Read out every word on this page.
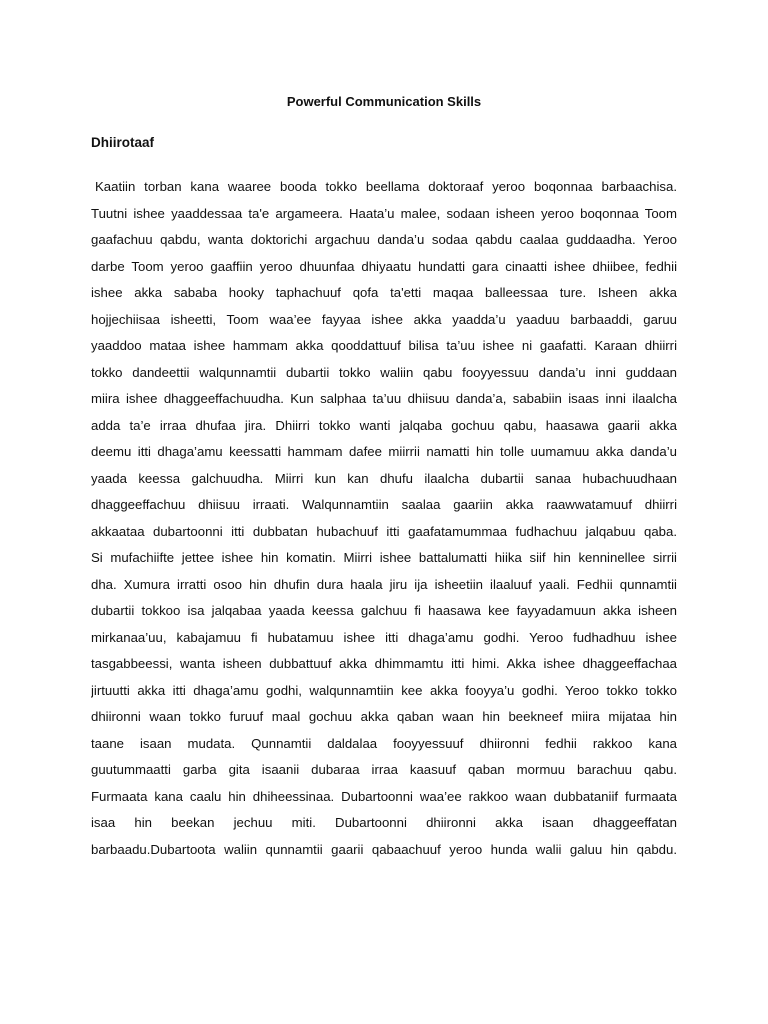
Powerful Communication Skills
Dhiirotaaf
Kaatiin torban kana waaree booda tokko beellama doktoraaf yeroo boqonnaa barbaachisa.
Tuutni ishee yaaddessaa ta'e argameera. Haata’u malee, sodaan isheen yeroo boqonnaa Toom
gaafachuu qabdu, wanta doktorichi argachuu danda’u sodaa qabdu caalaa guddaadha. Yeroo
darbe Toom yeroo gaaffiin yeroo dhuunfaa dhiyaatu hundatti gara cinaatti ishee dhiibee, fedhii
ishee akka sababa hooky taphachuuf qofa ta'etti maqaa balleessaa ture. Isheen akka
hojjechiisaa isheetti, Toom waa’ee fayyaa ishee akka yaadda’u yaaduu barbaaddi, garuu
yaaddoo mataa ishee hammam akka qooddattuuf bilisa ta’uu ishee ni gaafatti. Karaan dhiirri
tokko dandeettii walqunnamtii dubartii tokko waliin qabu fooyyessuu danda’u inni guddaan
miira ishee dhaggeeffachuudha. Kun salphaa ta’uu dhiisuu danda’a, sababiin isaas inni ilaalcha
adda ta’e irraa dhufaa jira. Dhiirri tokko wanti jalqaba gochuu qabu, haasawa gaarii akka
deemu itti dhaga’amu keessatti hammam dafee miirrii namatti hin tolle uumamuu akka danda’u
yaada keessa galchuudha. Miirri kun kan dhufu ilaalcha dubartii sanaa hubachuudhaan
dhaggeeffachuu dhiisuu irraati. Walqunnamtiin saalaa gaariin akka raawwatamuuf dhiirri
akkaataa dubartoonni itti dubbatan hubachuuf itti gaafatamummaa fudhachuu jalqabuu qaba.
Si mufachiifte jettee ishee hin komatin. Miirri ishee battalumatti hiika siif hin kenninellee sirrii
dha. Xumura irratti osoo hin dhufin dura haala jiru ija isheetiin ilaaluuf yaali. Fedhii qunnamtii
dubartii tokkoo isa jalqabaa yaada keessa galchuu fi haasawa kee fayyadamuun akka isheen
mirkanaa’uu, kabajamuu fi hubatamuu ishee itti dhaga’amu godhi. Yeroo fudhadhuu ishee
tasgabbeessi, wanta isheen dubbattuuf akka dhimmamtu itti himi. Akka ishee dhaggeeffachaa
jirtuutti akka itti dhaga’amu godhi, walqunnamtiin kee akka fooyya’u godhi. Yeroo tokko tokko
dhiironni waan tokko furuuf maal gochuu akka qaban waan hin beekneef miira mijataa hin
taane isaan mudata. Qunnamtii daldalaa fooyyessuuf dhiironni fedhii rakkoo kana
guutummaatti garba gita isaanii dubaraa irraa kaasuuf qaban mormuu barachuu qabu.
Furmaata kana caalu hin dhiheessinaa. Dubartoonni waa’ee rakkoo waan dubbataniif furmaata
isaa hin beekan jechuu miti. Dubartoonni dhiironni akka isaan dhaggeeffatan
barbaadu.Dubartoota waliin qunnamtii gaarii qabaachuuf yeroo hunda walii galuu hin qabdu.
